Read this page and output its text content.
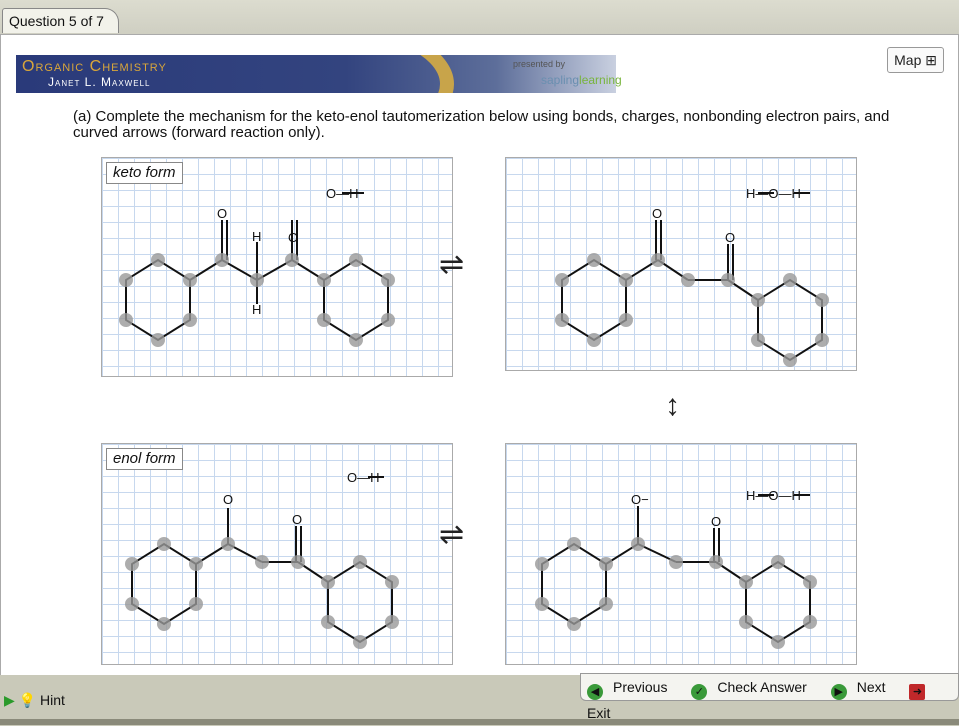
Question 5 of 7
Organic Chemistry
Janet L. Maxwell
presented by
saplinglearning
Map ⊞
(a) Complete the mechanism for the keto-enol tautomerization below using bonds, charges, nonbonding electron pairs, and curved arrows (forward reaction only).
O
H
H
O
O—H
keto form
⇌
O
O
H—O—H
↕
O
O
O—H
enol form
⇌
O−
O
H—O—H
▶ 💡 Hint	◀ Previous ✓ Check Answer	▶ Next ➜Exit
